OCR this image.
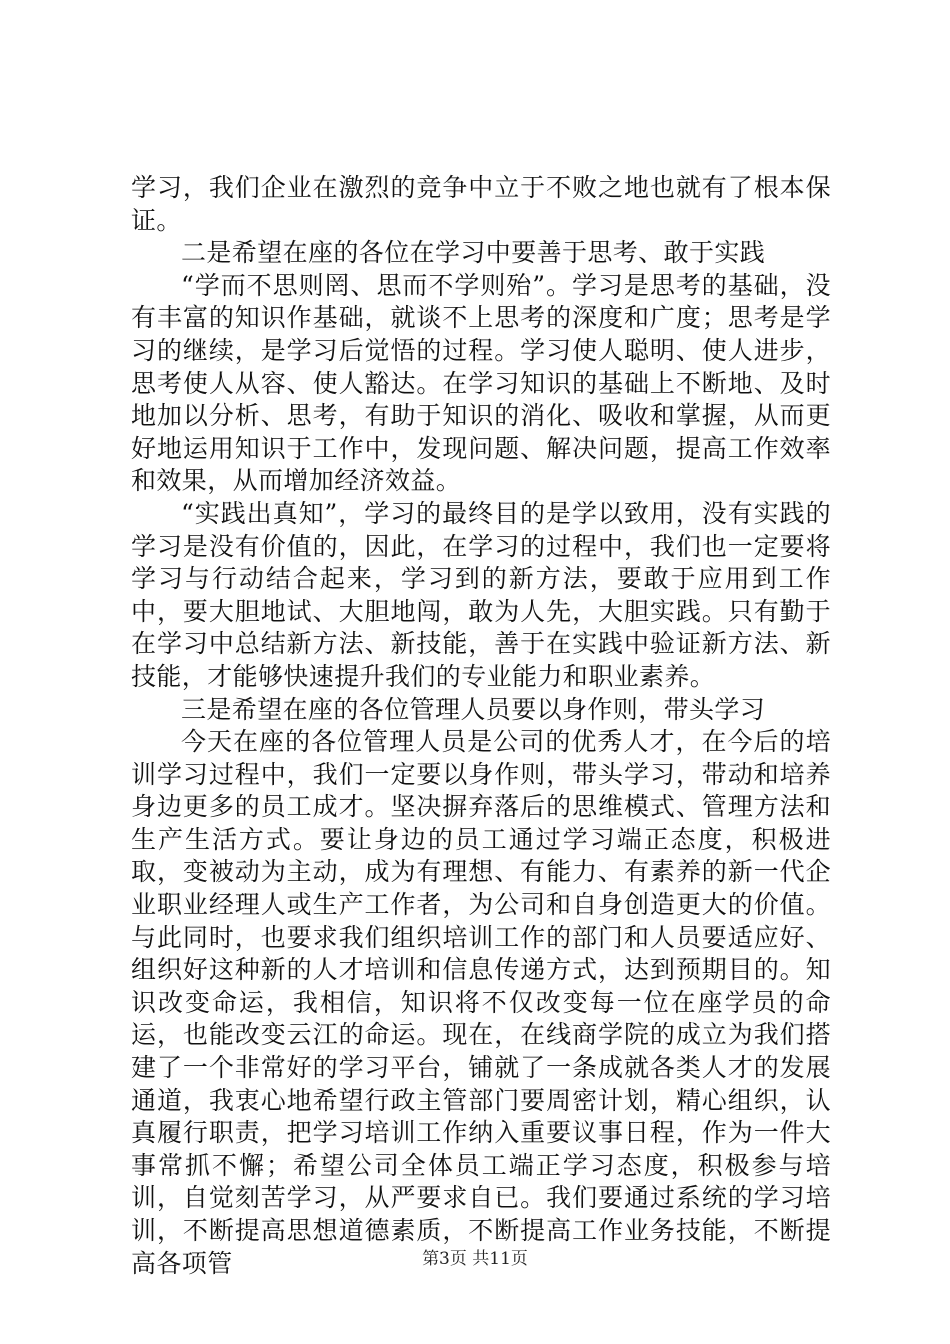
学习，我们企业在激烈的竞争中立于不败之地也就有了根本保证。

二是希望在座的各位在学习中要善于思考、敢于实践

“学而不思则罔、思而不学则殆”。学习是思考的基础，没有丰富的知识作基础，就谈不上思考的深度和广度；思考是学习的继续，是学习后觉悟的过程。学习使人聪明、使人进步，思考使人从容、使人豁达。在学习知识的基础上不断地、及时地加以分析、思考，有助于知识的消化、吸收和掌握，从而更好地运用知识于工作中，发现问题、解决问题，提高工作效率和效果，从而增加经济效益。

“实践出真知”，学习的最终目的是学以致用，没有实践的学习是没有价值的，因此，在学习的过程中，我们也一定要将学习与行动结合起来，学习到的新方法，要敢于应用到工作中，要大胆地试、大胆地闯，敢为人先，大胆实践。只有勤于在学习中总结新方法、新技能，善于在实践中验证新方法、新技能，才能够快速提升我们的专业能力和职业素养。

三是希望在座的各位管理人员要以身作则，带头学习

今天在座的各位管理人员是公司的优秀人才，在今后的培训学习过程中，我们一定要以身作则，带头学习，带动和培养身边更多的员工成才。坚决摒弃落后的思维模式、管理方法和生产生活方式。要让身边的员工通过学习端正态度，积极进取，变被动为主动，成为有理想、有能力、有素养的新一代企业职业经理人或生产工作者，为公司和自身创造更大的价值。与此同时，也要求我们组织培训工作的部门和人员要适应好、组织好这种新的人才培训和信息传递方式，达到预期目的。知识改变命运，我相信，知识将不仅改变每一位在座学员的命运，也能改变云江的命运。现在，在线商学院的成立为我们搭建了一个非常好的学习平台，铺就了一条成就各类人才的发展通道，我衷心地希望行政主管部门要周密计划，精心组织，认真履行职责，把学习培训工作纳入重要议事日程，作为一件大事常抓不懈；希望公司全体员工端正学习态度，积极参与培训，自觉刻苦学习，从严要求自已。我们要通过系统的学习培训，不断提高思想道德素质，不断提高工作业务技能，不断提高各项管	第3页 共11页
